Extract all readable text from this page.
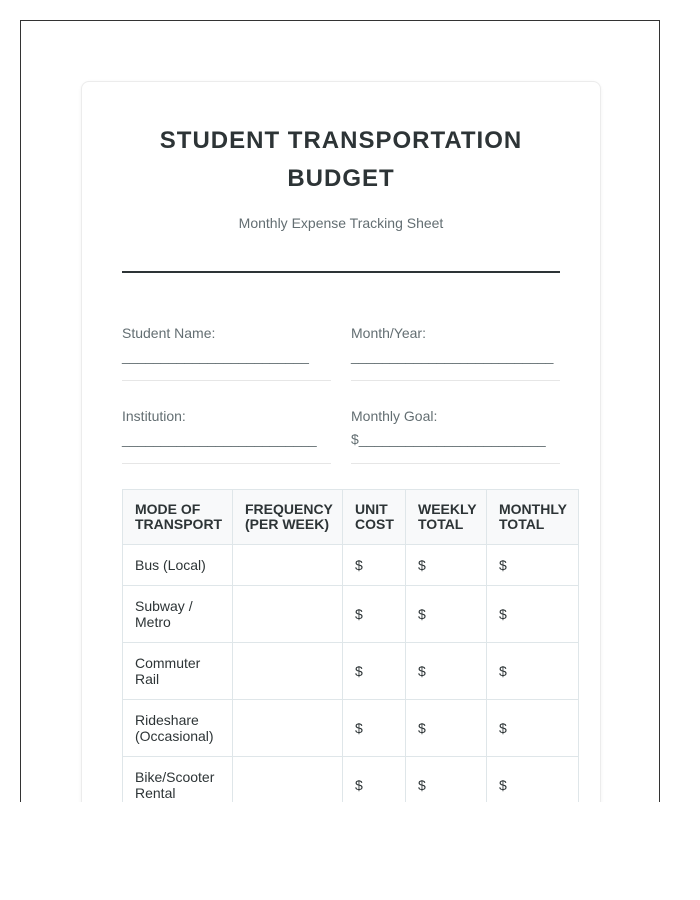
STUDENT TRANSPORTATION
BUDGET
Monthly Expense Tracking Sheet
Student Name:
________________________
Month/Year:
__________________________
Institution:
_________________________
Monthly Goal:
$________________________
MODE OF TRANSPORT	FREQUENCY (PER WEEK)	UNIT COST	WEEKLY TOTAL	MONTHLY TOTAL
Bus (Local)		$	$	$
Subway / Metro		$	$	$
Commuter Rail		$	$	$
Rideshare (Occasional)		$	$	$
Bike/Scooter Rental		$	$	$
